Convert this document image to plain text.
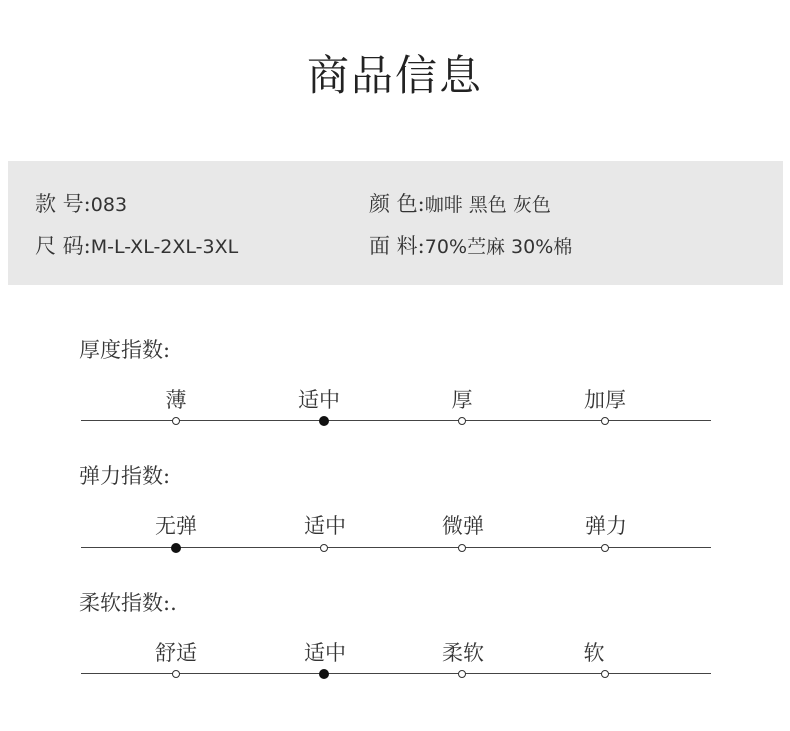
商品信息
款 号:083	颜 色:咖啡 黑色 灰色
尺 码:M-L-XL-2XL-3XL	面 料:70%苎麻 30%棉
厚度指数:
薄	适中	厚	加厚
弹力指数:
无弹	适中	微弹	弹力
柔软指数:.
舒适	适中	柔软	软
